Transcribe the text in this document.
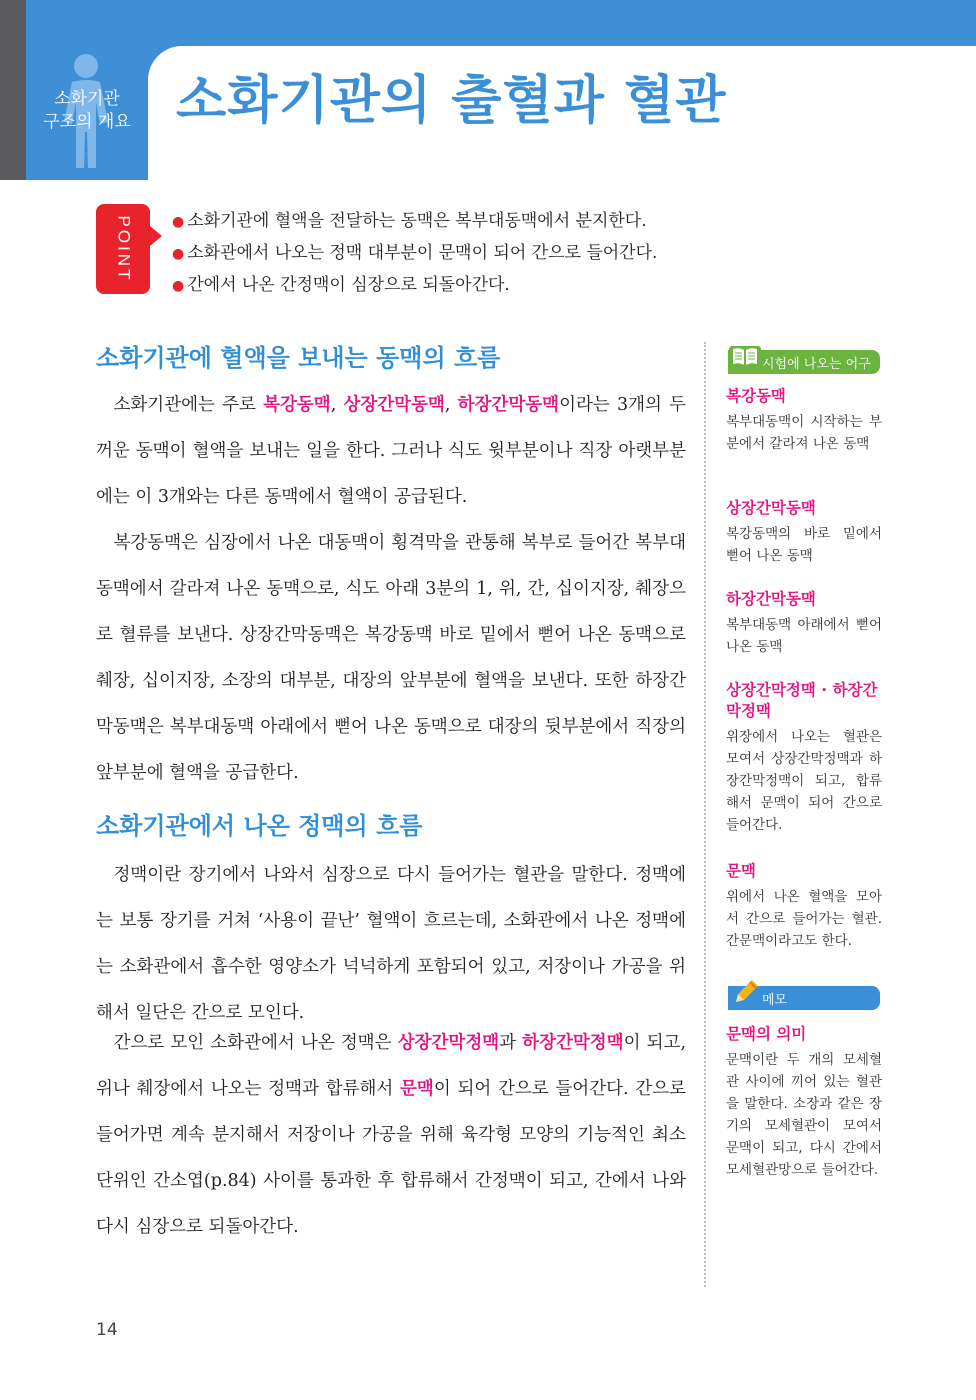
소화기관
구조의 개요 소화기관의 출혈과 혈관
POINT	● 소화기관에 혈액을 전달하는 동맥은 복부대동맥에서 분지한다.
● 소화관에서 나오는 정맥 대부분이 문맥이 되어 간으로 들어간다.
● 간에서 나온 간정맥이 심장으로 되돌아간다.
소화기관에 혈액을 보내는 동맥의 흐름

 소화기관에는 주로 복강동맥, 상장간막동맥, 하장간막동맥이라는 3개의 두꺼운 동맥이 혈액을 보내는 일을 한다. 그러나 식도 윗부분이나 직장 아랫부분에는 이 3개와는 다른 동맥에서 혈액이 공급된다.

 복강동맥은 심장에서 나온 대동맥이 횡격막을 관통해 복부로 들어간 복부대동맥에서 갈라져 나온 동맥으로, 식도 아래 3분의 1, 위, 간, 십이지장, 췌장으로 혈류를 보낸다. 상장간막동맥은 복강동맥 바로 밑에서 뻗어 나온 동맥으로 췌장, 십이지장, 소장의 대부분, 대장의 앞부분에 혈액을 보낸다. 또한 하장간막동맥은 복부대동맥 아래에서 뻗어 나온 동맥으로 대장의 뒷부분에서 직장의 앞부분에 혈액을 공급한다.

소화기관에서 나온 정맥의 흐름

 정맥이란 장기에서 나와서 심장으로 다시 들어가는 혈관을 말한다. 정맥에는 보통 장기를 거쳐 ‘사용이 끝난’ 혈액이 흐르는데, 소화관에서 나온 정맥에는 소화관에서 흡수한 영양소가 넉넉하게 포함되어 있고, 저장이나 가공을 위해서 일단은 간으로 모인다.

 간으로 모인 소화관에서 나온 정맥은 상장간막정맥과 하장간막정맥이 되고, 위나 췌장에서 나오는 정맥과 합류해서 문맥이 되어 간으로 들어간다. 간으로 들어가면 계속 분지해서 저장이나 가공을 위해 육각형 모양의 기능적인 최소단위인 간소엽(p.84) 사이를 통과한 후 합류해서 간정맥이 되고, 간에서 나와 다시 심장으로 되돌아간다.

시험에 나오는 어구
복강동맥

복부대동맥이 시작하는 부분에서 갈라져 나온 동맥

상장간막동맥

복강동맥의 바로 밑에서 뻗어 나온 동맥

하장간막동맥

복부대동맥 아래에서 뻗어 나온 동맥

상장간막정맥 · 하장간막정맥

위장에서 나오는 혈관은 모여서 상장간막정맥과 하장간막정맥이 되고, 합류해서 문맥이 되어 간으로 들어간다.

문맥

위에서 나온 혈액을 모아서 간으로 들어가는 혈관. 간문맥이라고도 한다.

메모
문맥의 의미

문맥이란 두 개의 모세혈관 사이에 끼어 있는 혈관을 말한다. 소장과 같은 장기의 모세혈관이 모여서 문맥이 되고, 다시 간에서 모세혈관망으로 들어간다.

14
